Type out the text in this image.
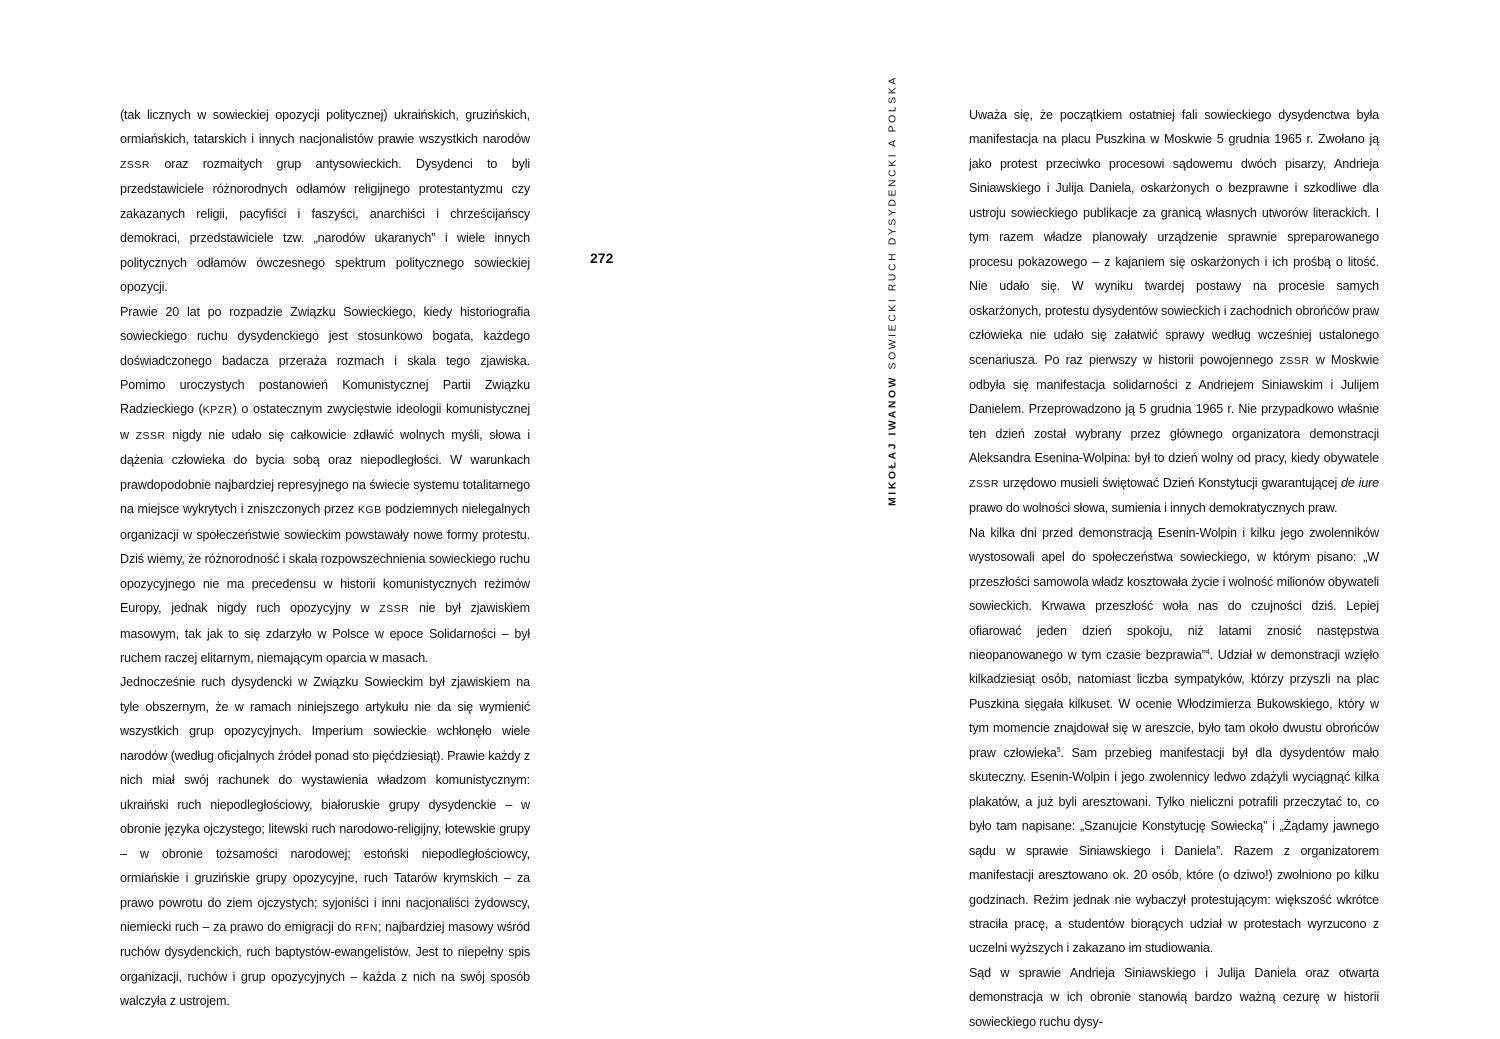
(tak licznych w sowieckiej opozycji politycznej) ukraińskich, gruzińskich, ormiańskich, tatarskich i innych nacjonalistów prawie wszystkich narodów ZSSR oraz rozmaitych grup antysowieckich. Dysydenci to byli przedstawiciele różnorodnych odłamów religijnego protestantyzmu czy zakazanych religii, pacyfiści i faszyści, anarchiści i chrześcijańscy demokraci, przedstawiciele tzw. „narodów ukaranych” i wiele innych politycznych odłamów ówczesnego spektrum politycznego sowieckiej opozycji.

Prawie 20 lat po rozpadzie Związku Sowieckiego, kiedy historiografia sowieckiego ruchu dysydenckiego jest stosunkowo bogata, każdego doświadczonego badacza przeraża rozmach i skala tego zjawiska. Pomimo uroczystych postanowień Komunistycznej Partii Związku Radzieckiego (KPZR) o ostatecznym zwycięstwie ideologii komunistycznej w ZSSR nigdy nie udało się całkowicie zdławić wolnych myśli, słowa i dążenia człowieka do bycia sobą oraz niepodległości. W warunkach prawdopodobnie najbardziej represyjnego na świecie systemu totalitarnego na miejsce wykrytych i zniszczonych przez KGB podziemnych nielegalnych organizacji w społeczeństwie sowieckim powstawały nowe formy protestu. Dziś wiemy, że różnorodność i skala rozpowszechnienia sowieckiego ruchu opozycyjnego nie ma precedensu w historii komunistycznych reżimów Europy, jednak nigdy ruch opozycyjny w ZSSR nie był zjawiskiem masowym, tak jak to się zdarzyło w Polsce w epoce Solidarności – był ruchem raczej elitarnym, niemającym oparcia w masach.

Jednocześnie ruch dysydencki w Związku Sowieckim był zjawiskiem na tyle obszernym, że w ramach niniejszego artykułu nie da się wymienić wszystkich grup opozycyjnych. Imperium sowieckie wchłonęło wiele narodów (według oficjalnych źródeł ponad sto pięćdziesiąt). Prawie każdy z nich miał swój rachunek do wystawienia władzom komunistycznym: ukraiński ruch niepodległościowy, białoruskie grupy dysydenckie – w obronie języka ojczystego; litewski ruch narodowo-religijny, łotewskie grupy – w obronie tożsamości narodowej; estoński niepodległościowcy, ormiańskie i gruzińskie grupy opozycyjne, ruch Tatarów krymskich – za prawo powrotu do ziem ojczystych; syjoniści i inni nacjonaliści żydowscy, niemiecki ruch – za prawo do emigracji do RFN; najbardziej masowy wśród ruchów dysydenckich, ruch baptystów-ewangelistów. Jest to niepełny spis organizacji, ruchów i grup opozycyjnych – każda z nich na swój sposób walczyła z ustrojem.

272
MIKOŁAJ IWANOW SOWIECKI RUCH DYSYDENCKI A POLSKA	Uważa się, że początkiem ostatniej fali sowieckiego dysydenctwa była manifestacja na placu Puszkina w Moskwie 5 grudnia 1965 r. Zwołano ją jako protest przeciwko procesowi sądowemu dwóch pisarzy, Andrieja Siniawskiego i Julija Daniela, oskarżonych o bezprawne i szkodliwe dla ustroju sowieckiego publikacje za granicą własnych utworów literackich. I tym razem władze planowały urządzenie sprawnie spreparowanego procesu pokazowego – z kajaniem się oskarżonych i ich prośbą o litość. Nie udało się. W wyniku twardej postawy na procesie samych oskarżonych, protestu dysydentów sowieckich i zachodnich obrońców praw człowieka nie udało się załatwić sprawy według wcześniej ustalonego scenariusza. Po raz pierwszy w historii powojennego ZSSR w Moskwie odbyła się manifestacja solidarności z Andriejem Siniawskim i Julijem Danielem. Przeprowadzono ją 5 grudnia 1965 r. Nie przypadkowo właśnie ten dzień został wybrany przez głównego organizatora demonstracji Aleksandra Esenina-Wolpina: był to dzień wolny od pracy, kiedy obywatele ZSSR urzędowo musieli świętować Dzień Konstytucji gwarantującej de iure prawo do wolności słowa, sumienia i innych demokratycznych praw.

Na kilka dni przed demonstracją Esenin-Wolpin i kilku jego zwolenników wystosowali apel do społeczeństwa sowieckiego, w którym pisano: „W przeszłości samowola władz kosztowała życie i wolność milionów obywateli sowieckich. Krwawa przeszłość woła nas do czujności dziś. Lepiej ofiarować jeden dzień spokoju, niż latami znosić następstwa nieopanowanego w tym czasie bezprawia”$^4$. Udział w demonstracji wzięło kilkadziesiąt osób, natomiast liczba sympatyków, którzy przyszli na plac Puszkina sięgała kilkuset. W ocenie Włodzimierza Bukowskiego, który w tym momencie znajdował się w areszcie, było tam około dwustu obrońców praw człowieka$^5$. Sam przebieg manifestacji był dla dysydentów mało skuteczny. Esenin-Wolpin i jego zwolennicy ledwo zdążyli wyciągnąć kilka plakatów, a już byli aresztowani. Tylko nieliczni potrafili przeczytać to, co było tam napisane: „Szanujcie Konstytucję Sowiecką” i „Żądamy jawnego sądu w sprawie Siniawskiego i Daniela”. Razem z organizatorem manifestacji aresztowano ok. 20 osób, które (o dziwo!) zwolniono po kilku godzinach. Reżim jednak nie wybaczył protestującym: większość wkrótce straciła pracę, a studentów biorących udział w protestach wyrzucono z uczelni wyższych i zakazano im studiowania.

Sąd w sprawie Andrieja Siniawskiego i Julija Daniela oraz otwarta demonstracja w ich obronie stanowią bardzo ważną cezurę w historii sowieckiego ruchu dysy-
